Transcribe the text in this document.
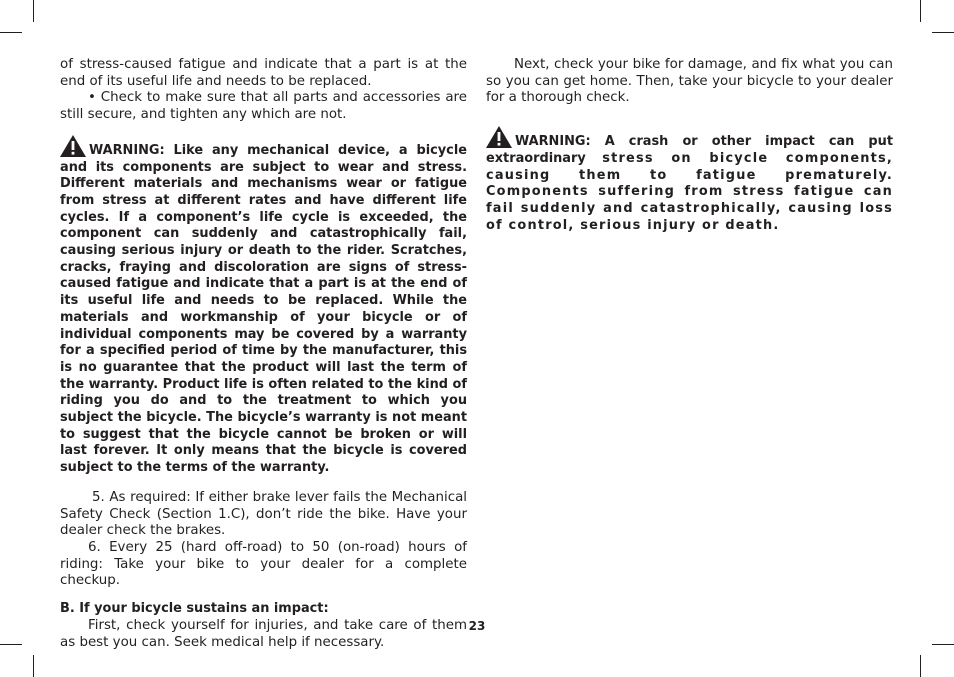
of stress-caused fatigue and indicate that a part is at the end of its useful life and needs to be replaced.

• Check to make sure that all parts and accessories are still secure, and tighten any which are not.

WARNING: Like any mechanical device, a bicycle and its components are subject to wear and stress. Different materials and mechanisms wear or fatigue from stress at different rates and have different life cycles. If a component’s life cycle is exceeded, the component can suddenly and catastrophically fail, causing serious injury or death to the rider. Scratches, cracks, fraying and discoloration are signs of stress-caused fatigue and indicate that a part is at the end of its useful life and needs to be replaced. While the materials and workmanship of your bicycle or of individual components may be covered by a warranty for a specified period of time by the manufacturer, this is no guarantee that the product will last the term of the warranty. Product life is often related to the kind of riding you do and to the treatment to which you subject the bicycle. The bicycle’s warranty is not meant to suggest that the bicycle cannot be broken or will last forever. It only means that the bicycle is covered subject to the terms of the warranty.

5. As required: If either brake lever fails the Mechanical Safety Check (Section 1.C), don’t ride the bike. Have your dealer check the brakes.

6. Every 25 (hard off-road) to 50 (on-road) hours of riding: Take your bike to your dealer for a complete checkup.

B. If your bicycle sustains an impact:

First, check yourself for injuries, and take care of them as best you can. Seek medical help if necessary.

Next, check your bike for damage, and fix what you can so you can get home. Then, take your bicycle to your dealer for a thorough check.

WARNING: A crash or other impact can put extraordinary stress on bicycle components, causing them to fatigue prematurely. Components suffering from stress fatigue can fail suddenly and catastrophically, causing loss of control, serious injury or death.

23
